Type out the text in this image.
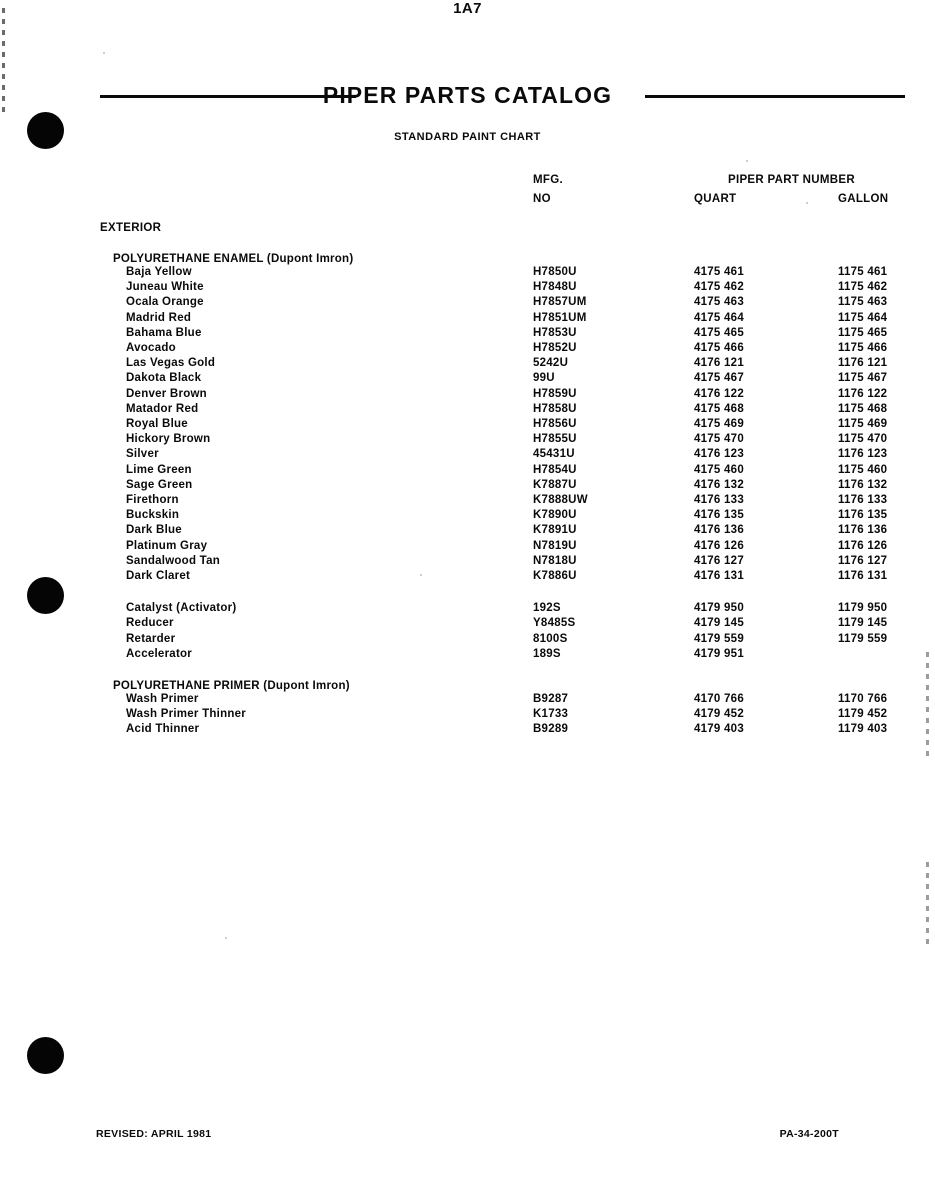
PIPER PARTS CATALOG
STANDARD PAINT CHART
MFG.
NO
PIPER PART NUMBER
QUART	GALLON
EXTERIOR
POLYURETHANE ENAMEL (Dupont Imron)
Baja Yellow	H7850U	4175 461	1175 461
Juneau White	H7848U	4175 462	1175 462
Ocala Orange	H7857UM	4175 463	1175 463
Madrid Red	H7851UM	4175 464	1175 464
Bahama Blue	H7853U	4175 465	1175 465
Avocado	H7852U	4175 466	1175 466
Las Vegas Gold	5242U	4176 121	1176 121
Dakota Black	99U	4175 467	1175 467
Denver Brown	H7859U	4176 122	1176 122
Matador Red	H7858U	4175 468	1175 468
Royal Blue	H7856U	4175 469	1175 469
Hickory Brown	H7855U	4175 470	1175 470
Silver	45431U	4176 123	1176 123
Lime Green	H7854U	4175 460	1175 460
Sage Green	K7887U	4176 132	1176 132
Firethorn	K7888UW	4176 133	1176 133
Buckskin	K7890U	4176 135	1176 135
Dark Blue	K7891U	4176 136	1176 136
Platinum Gray	N7819U	4176 126	1176 126
Sandalwood Tan	N7818U	4176 127	1176 127
Dark Claret	K7886U	4176 131	1176 131
Catalyst (Activator)	192S	4179 950	1179 950
Reducer	Y8485S	4179 145	1179 145
Retarder	8100S	4179 559	1179 559
Accelerator	189S	4179 951
POLYURETHANE PRIMER (Dupont Imron)
Wash Primer	B9287	4170 766	1170 766
Wash Primer Thinner	K1733	4179 452	1179 452
Acid Thinner	B9289	4179 403	1179 403
REVISED: APRIL 1981
1A7
PA-34-200T
